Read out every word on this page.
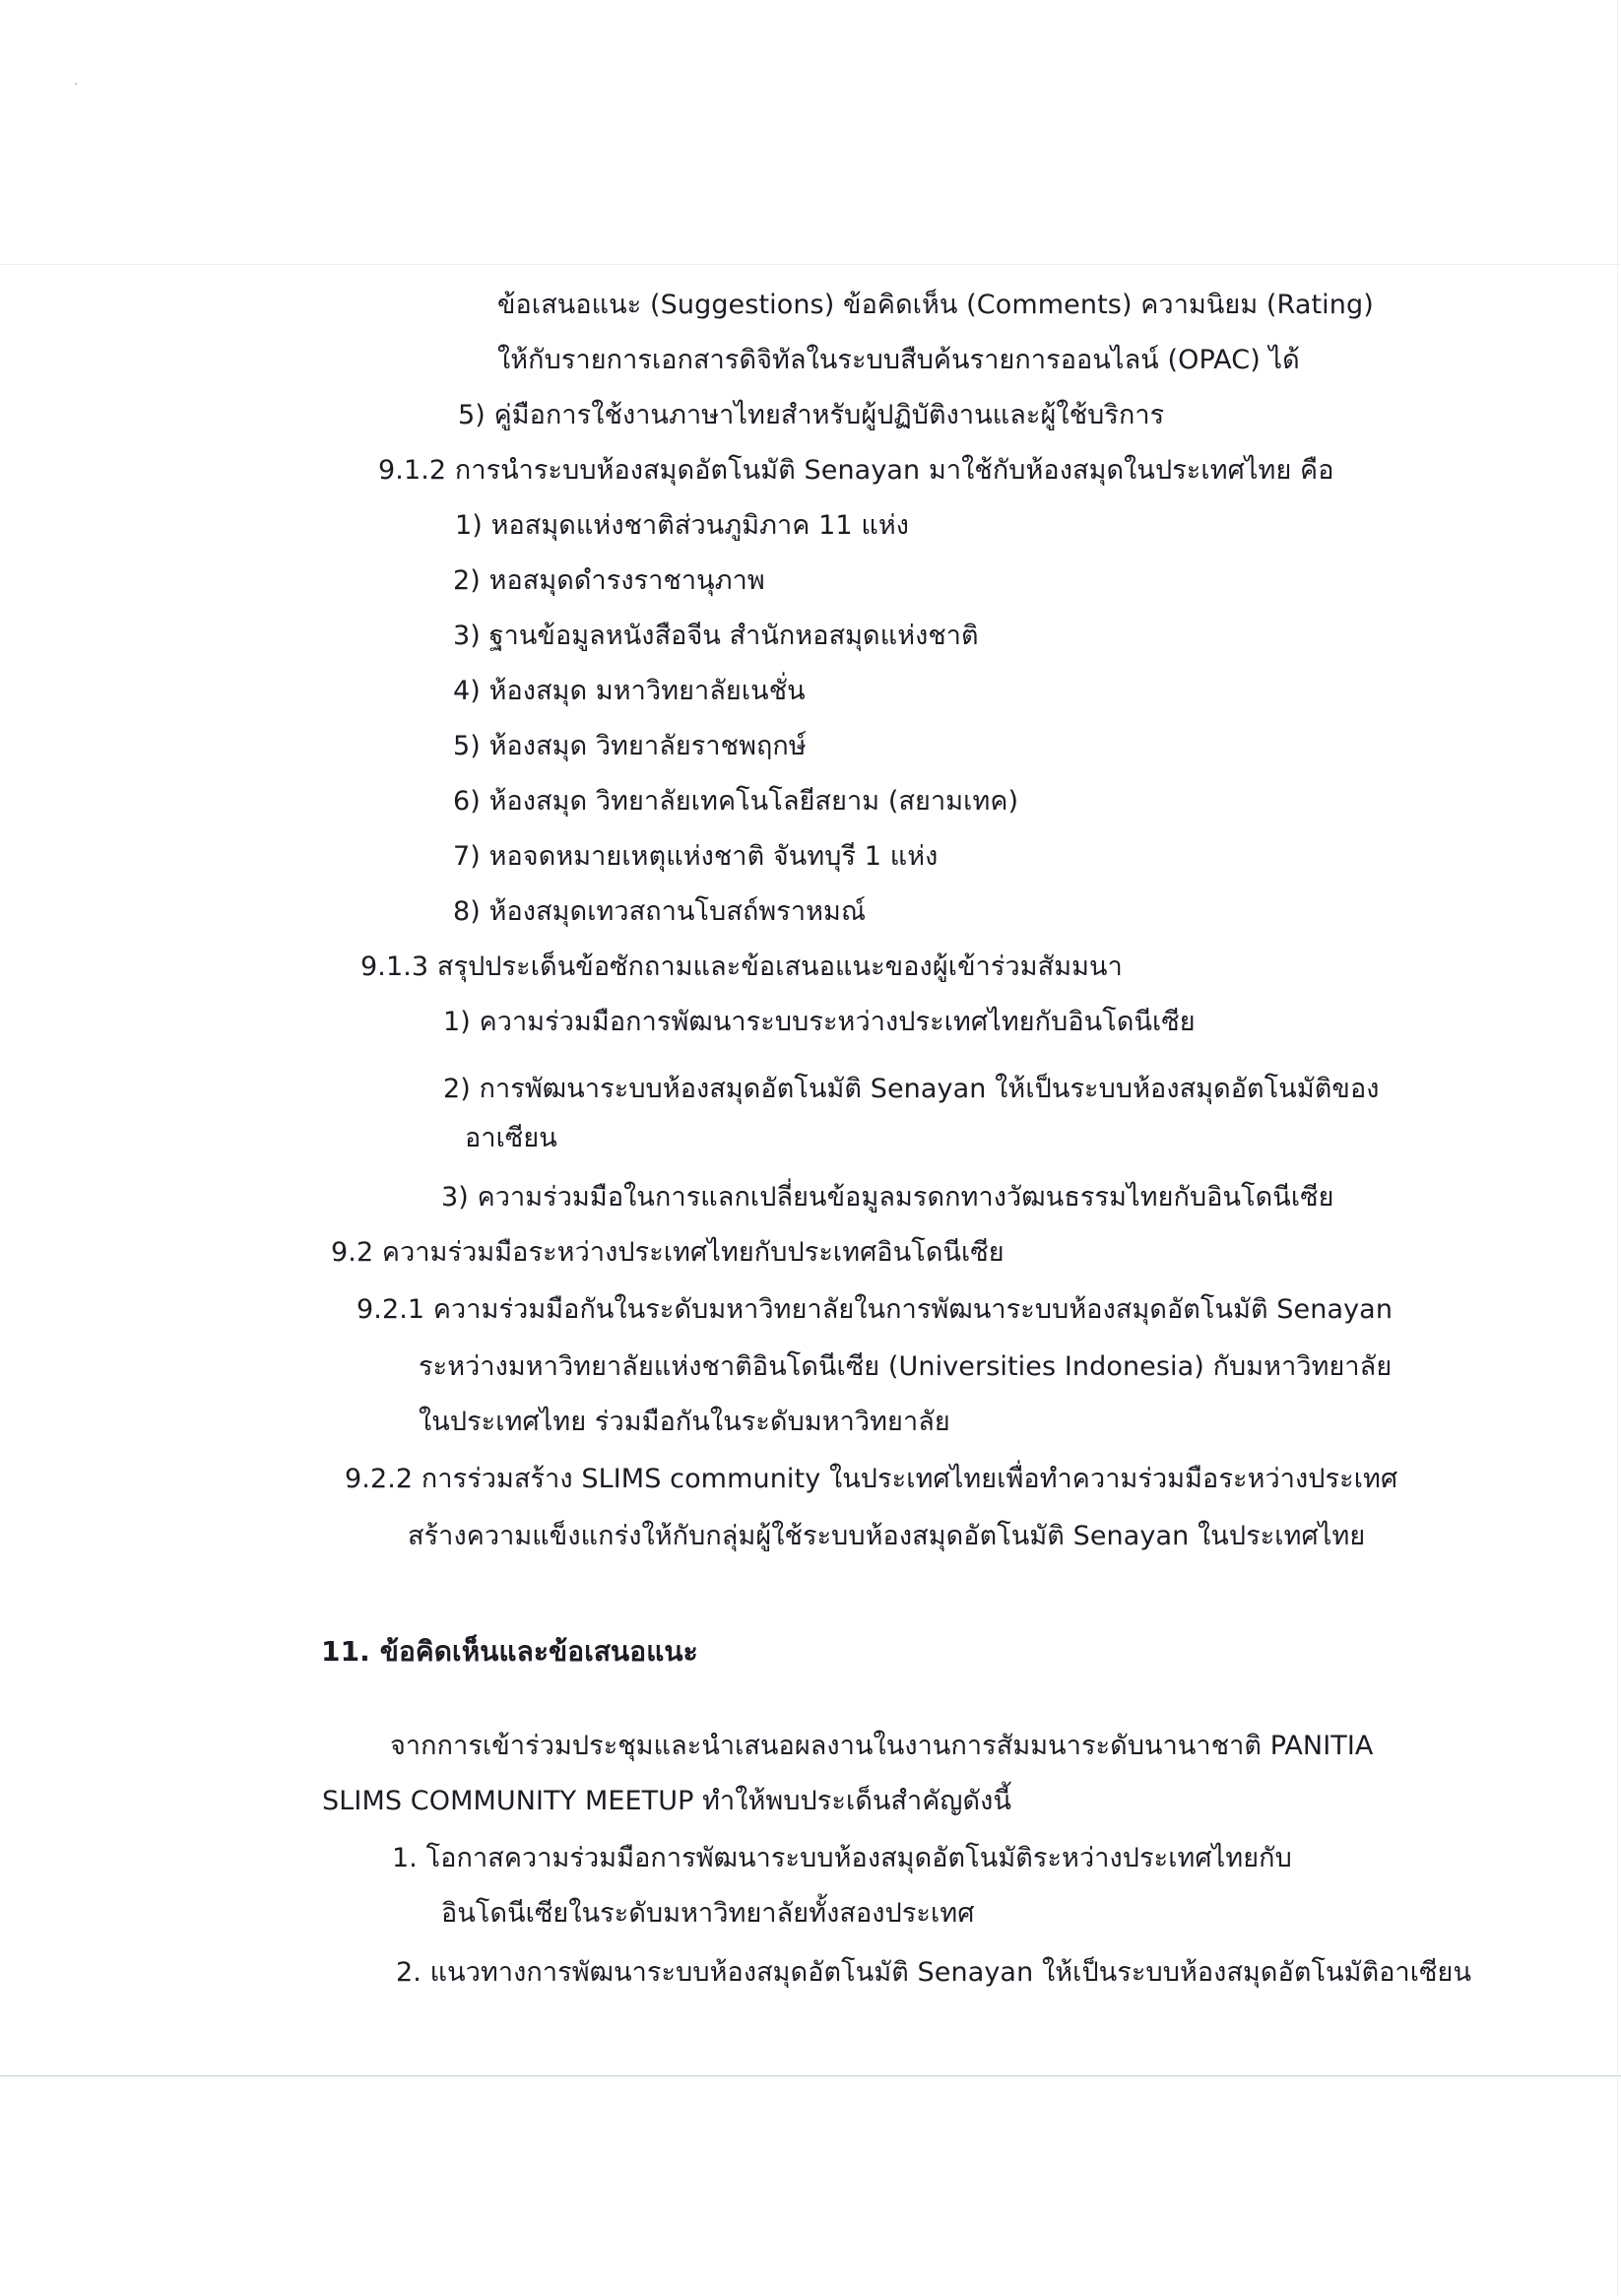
ข้อเสนอแนะ (Suggestions) ข้อคิดเห็น (Comments) ความนิยม (Rating)
ให้กับรายการเอกสารดิจิทัลในระบบสืบค้นรายการออนไลน์ (OPAC) ได้
5) คู่มือการใช้งานภาษาไทยสำหรับผู้ปฏิบัติงานและผู้ใช้บริการ
9.1.2 การนำระบบห้องสมุดอัตโนมัติ Senayan มาใช้กับห้องสมุดในประเทศไทย คือ
1) หอสมุดแห่งชาติส่วนภูมิภาค 11 แห่ง
2) หอสมุดดำรงราชานุภาพ
3) ฐานข้อมูลหนังสือจีน สำนักหอสมุดแห่งชาติ
4) ห้องสมุด มหาวิทยาลัยเนชั่น
5) ห้องสมุด วิทยาลัยราชพฤกษ์
6) ห้องสมุด วิทยาลัยเทคโนโลยีสยาม (สยามเทค)
7) หอจดหมายเหตุแห่งชาติ จันทบุรี 1 แห่ง
8) ห้องสมุดเทวสถานโบสถ์พราหมณ์
9.1.3 สรุปประเด็นข้อซักถามและข้อเสนอแนะของผู้เข้าร่วมสัมมนา
1) ความร่วมมือการพัฒนาระบบระหว่างประเทศไทยกับอินโดนีเซีย
2) การพัฒนาระบบห้องสมุดอัตโนมัติ Senayan ให้เป็นระบบห้องสมุดอัตโนมัติของ
อาเซียน
3) ความร่วมมือในการแลกเปลี่ยนข้อมูลมรดกทางวัฒนธรรมไทยกับอินโดนีเซีย
9.2 ความร่วมมือระหว่างประเทศไทยกับประเทศอินโดนีเซีย
9.2.1 ความร่วมมือกันในระดับมหาวิทยาลัยในการพัฒนาระบบห้องสมุดอัตโนมัติ Senayan
ระหว่างมหาวิทยาลัยแห่งชาติอินโดนีเซีย (Universities Indonesia) กับมหาวิทยาลัย
ในประเทศไทย ร่วมมือกันในระดับมหาวิทยาลัย
9.2.2 การร่วมสร้าง SLIMS community ในประเทศไทยเพื่อทำความร่วมมือระหว่างประเทศ
สร้างความแข็งแกร่งให้กับกลุ่มผู้ใช้ระบบห้องสมุดอัตโนมัติ Senayan ในประเทศไทย
11. ข้อคิดเห็นและข้อเสนอแนะ
จากการเข้าร่วมประชุมและนำเสนอผลงานในงานการสัมมนาระดับนานาชาติ PANITIA
SLIMS COMMUNITY MEETUP ทำให้พบประเด็นสำคัญดังนี้
1. โอกาสความร่วมมือการพัฒนาระบบห้องสมุดอัตโนมัติระหว่างประเทศไทยกับ
อินโดนีเซียในระดับมหาวิทยาลัยทั้งสองประเทศ
2. แนวทางการพัฒนาระบบห้องสมุดอัตโนมัติ Senayan ให้เป็นระบบห้องสมุดอัตโนมัติอาเซียน
